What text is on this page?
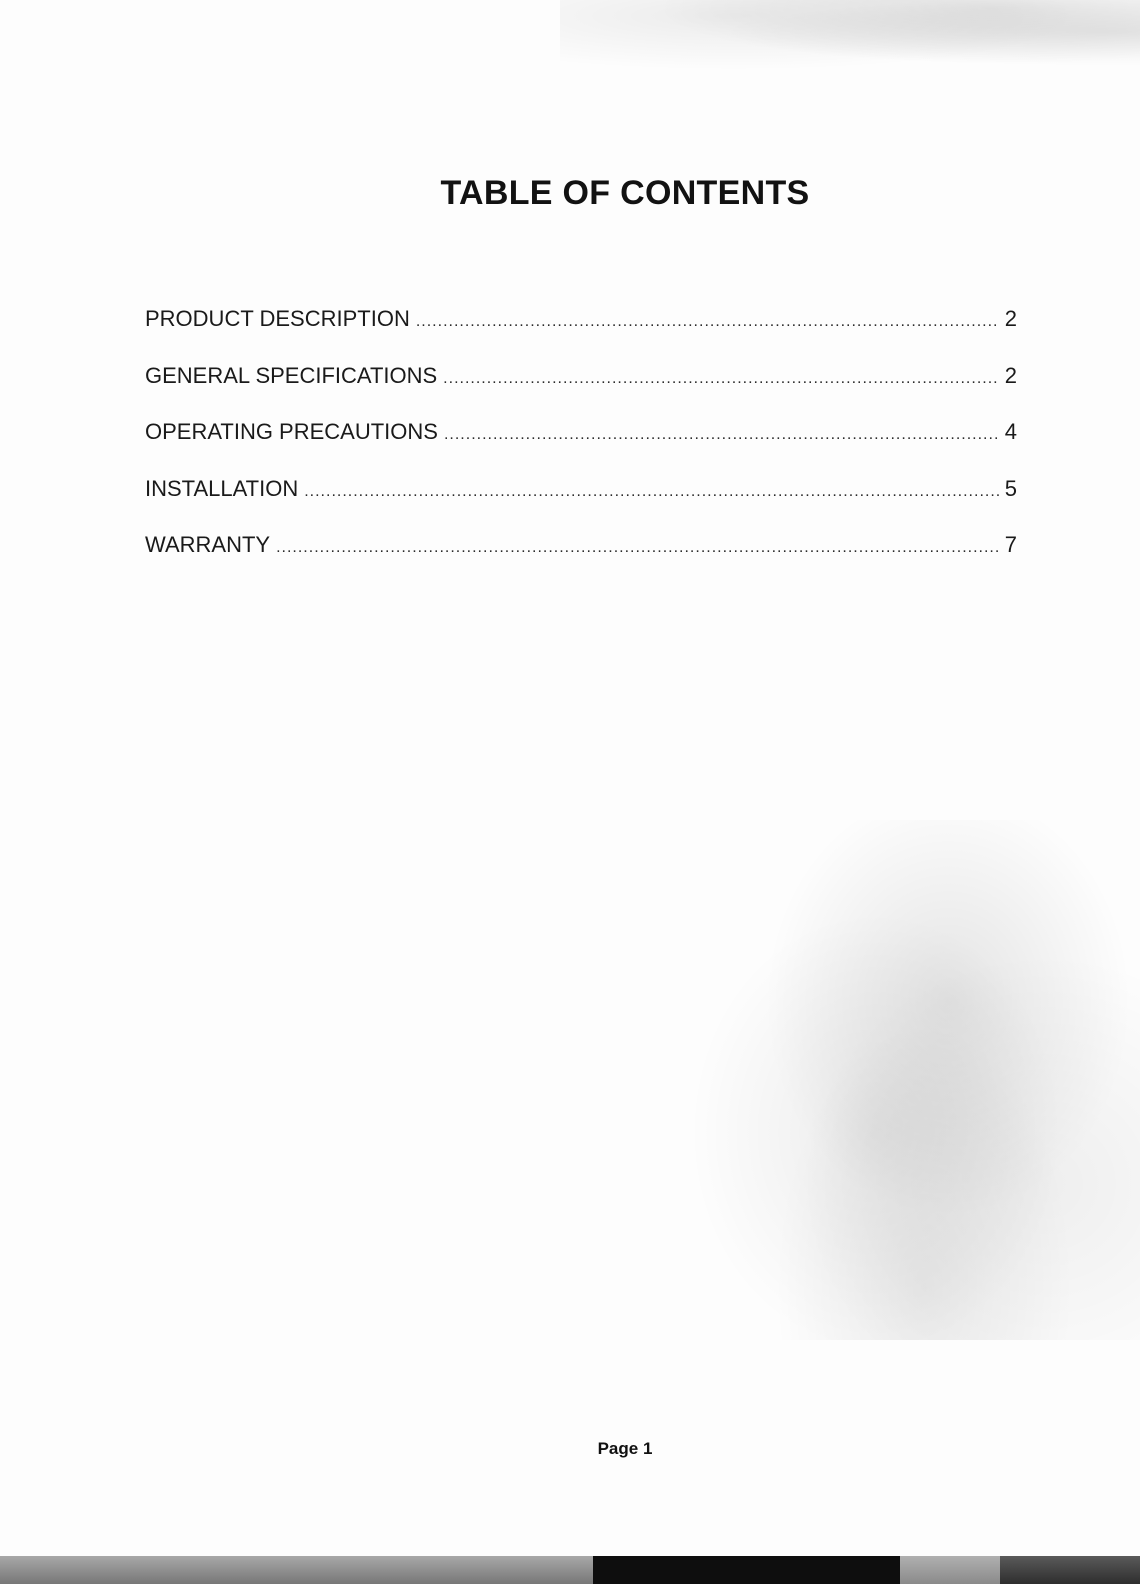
TABLE OF CONTENTS
PRODUCT DESCRIPTION .....	2
GENERAL SPECIFICATIONS .....	2
OPERATING PRECAUTIONS .....	4
INSTALLATION .....	5
WARRANTY .....	7
Page 1
